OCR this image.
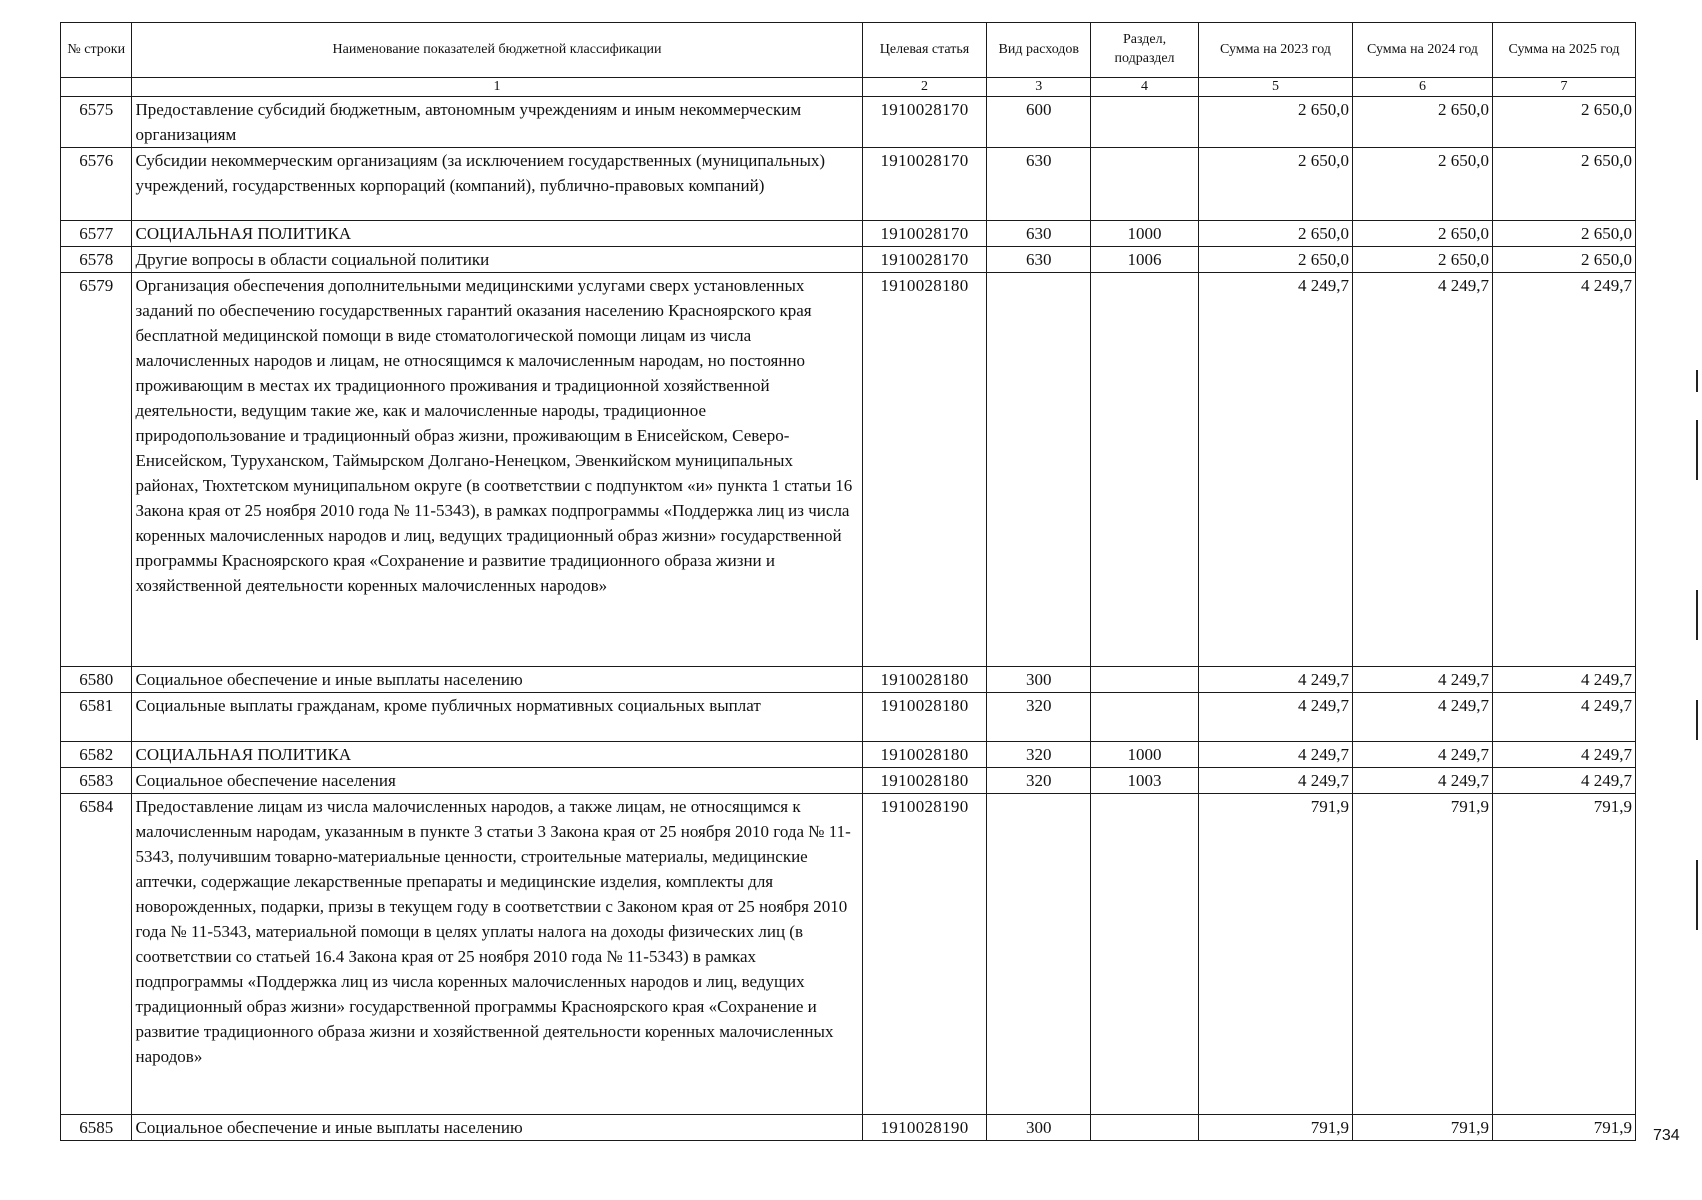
№ строки	Наименование показателей бюджетной классификации	Целевая статья	Вид расходов	Раздел, подраздел	Сумма на 2023 год	Сумма на 2024 год	Сумма на 2025 год
	1	2	3	4	5	6	7
6575	Предоставление субсидий бюджетным, автономным учреждениям и иным некоммерческим организациям	1910028170	600		2 650,0	2 650,0	2 650,0
6576	Субсидии некоммерческим организациям (за исключением государственных (муниципальных) учреждений, государственных корпораций (компаний), публично-правовых компаний)	1910028170	630		2 650,0	2 650,0	2 650,0
6577	СОЦИАЛЬНАЯ ПОЛИТИКА	1910028170	630	1000	2 650,0	2 650,0	2 650,0
6578	Другие вопросы в области социальной политики	1910028170	630	1006	2 650,0	2 650,0	2 650,0
6579	Организация обеспечения дополнительными медицинскими услугами сверх установленных заданий по обеспечению государственных гарантий оказания населению Красноярского края бесплатной медицинской помощи в виде стоматологической помощи лицам из числа малочисленных народов и лицам, не относящимся к малочисленным народам, но постоянно проживающим в местах их традиционного проживания и традиционной хозяйственной деятельности, ведущим такие же, как и малочисленные народы, традиционное природопользование и традиционный образ жизни, проживающим в Енисейском, Северо-Енисейском, Туруханском, Таймырском Долгано-Ненецком, Эвенкийском муниципальных районах, Тюхтетском муниципальном округе (в соответствии с подпунктом «и» пункта 1 статьи 16 Закона края от 25 ноября 2010 года № 11-5343), в рамках подпрограммы «Поддержка лиц из числа коренных малочисленных народов и лиц, ведущих традиционный образ жизни» государственной программы Красноярского края «Сохранение и развитие традиционного образа жизни и хозяйственной деятельности коренных малочисленных народов»	1910028180			4 249,7	4 249,7	4 249,7
6580	Социальное обеспечение и иные выплаты населению	1910028180	300		4 249,7	4 249,7	4 249,7
6581	Социальные выплаты гражданам, кроме публичных нормативных социальных выплат	1910028180	320		4 249,7	4 249,7	4 249,7
6582	СОЦИАЛЬНАЯ ПОЛИТИКА	1910028180	320	1000	4 249,7	4 249,7	4 249,7
6583	Социальное обеспечение населения	1910028180	320	1003	4 249,7	4 249,7	4 249,7
6584	Предоставление лицам из числа малочисленных народов, а также лицам, не относящимся к малочисленным народам, указанным в пункте 3 статьи 3 Закона края от 25 ноября 2010 года № 11-5343, получившим товарно-материальные ценности, строительные материалы, медицинские аптечки, содержащие лекарственные препараты и медицинские изделия, комплекты для новорожденных, подарки, призы в текущем году в соответствии с Законом края от 25 ноября 2010 года № 11-5343, материальной помощи в целях уплаты налога на доходы физических лиц (в соответствии со статьей 16.4 Закона края от 25 ноября 2010 года № 11-5343) в рамках подпрограммы «Поддержка лиц из числа коренных малочисленных народов и лиц, ведущих традиционный образ жизни» государственной программы Красноярского края «Сохранение и развитие традиционного образа жизни и хозяйственной деятельности коренных малочисленных народов»	1910028190			791,9	791,9	791,9
6585	Социальное обеспечение и иные выплаты населению	1910028190	300		791,9	791,9	791,9 734
